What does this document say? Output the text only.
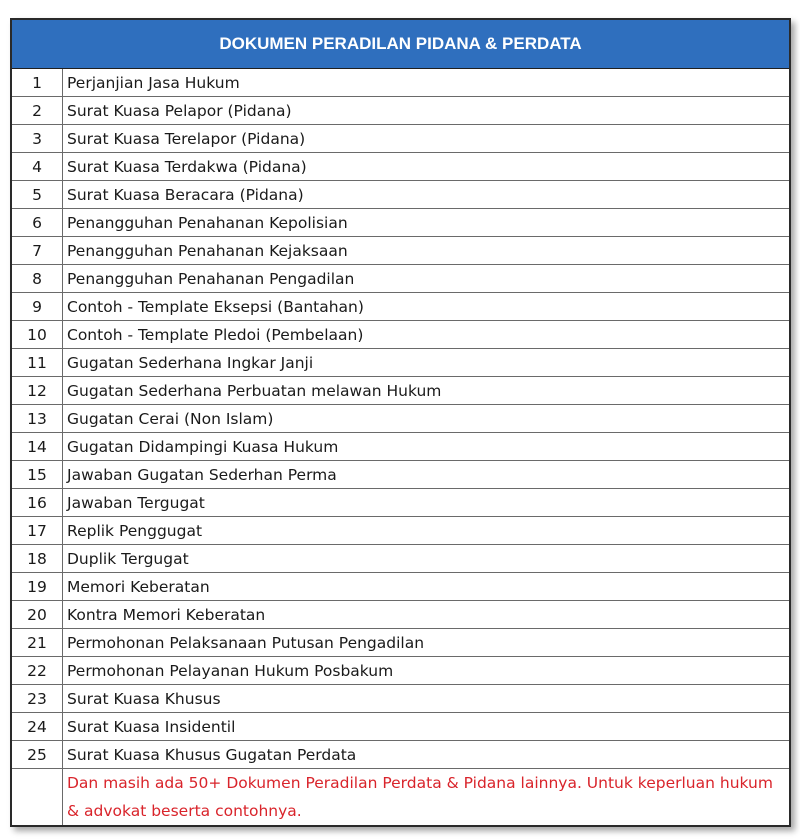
DOKUMEN PERADILAN PIDANA & PERDATA
1	Perjanjian Jasa Hukum
2	Surat Kuasa Pelapor (Pidana)
3	Surat Kuasa Terelapor (Pidana)
4	Surat Kuasa Terdakwa (Pidana)
5	Surat Kuasa Beracara (Pidana)
6	Penangguhan Penahanan Kepolisian
7	Penangguhan Penahanan Kejaksaan
8	Penangguhan Penahanan Pengadilan
9	Contoh - Template Eksepsi (Bantahan)
10	Contoh - Template Pledoi (Pembelaan)
11	Gugatan Sederhana Ingkar Janji
12	Gugatan Sederhana Perbuatan melawan Hukum
13	Gugatan Cerai (Non Islam)
14	Gugatan Didampingi Kuasa Hukum
15	Jawaban Gugatan Sederhan Perma
16	Jawaban Tergugat
17	Replik Penggugat
18	Duplik Tergugat
19	Memori Keberatan
20	Kontra Memori Keberatan
21	Permohonan Pelaksanaan Putusan Pengadilan
22	Permohonan Pelayanan Hukum Posbakum
23	Surat Kuasa Khusus
24	Surat Kuasa Insidentil
25	Surat Kuasa Khusus Gugatan Perdata
	Dan masih ada 50+ Dokumen Peradilan Perdata & Pidana lainnya. Untuk keperluan hukum & advokat beserta contohnya.
